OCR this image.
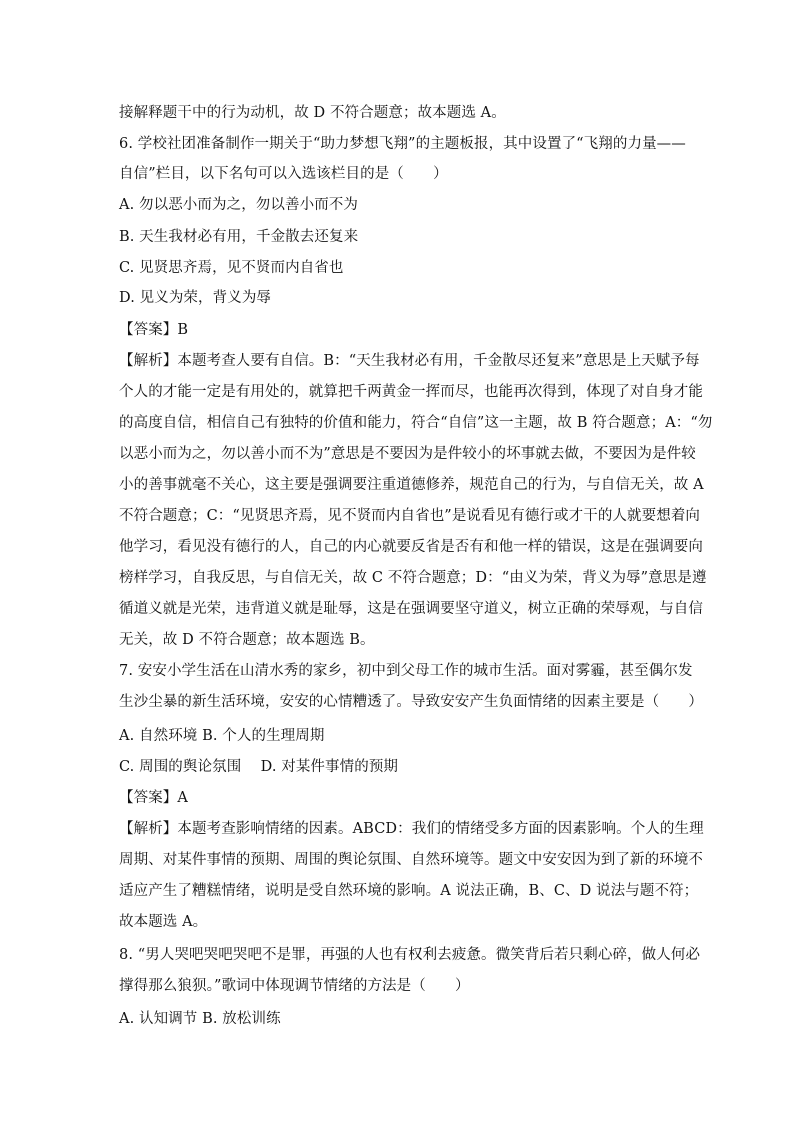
接解释题干中的行为动机，故 D 不符合题意；故本题选 A。
6. 学校社团准备制作一期关于“助力梦想飞翔”的主题板报，其中设置了“飞翔的力量——
自信”栏目，以下名句可以入选该栏目的是（　　）
A. 勿以恶小而为之，勿以善小而不为
B. 天生我材必有用，千金散去还复来
C. 见贤思齐焉，见不贤而内自省也
D. 见义为荣，背义为辱
【答案】B
【解析】本题考查人要有自信。B：“天生我材必有用，千金散尽还复来”意思是上天赋予每
个人的才能一定是有用处的，就算把千两黄金一挥而尽，也能再次得到，体现了对自身才能
的高度自信，相信自己有独特的价值和能力，符合“自信”这一主题，故 B 符合题意；A：“勿
以恶小而为之，勿以善小而不为”意思是不要因为是件较小的坏事就去做，不要因为是件较
小的善事就毫不关心，这主要是强调要注重道德修养，规范自己的行为，与自信无关，故 A
不符合题意；C：“见贤思齐焉，见不贤而内自省也”是说看见有德行或才干的人就要想着向
他学习，看见没有德行的人，自己的内心就要反省是否有和他一样的错误，这是在强调要向
榜样学习，自我反思，与自信无关，故 C 不符合题意；D：“由义为荣，背义为辱”意思是遵
循道义就是光荣，违背道义就是耻辱，这是在强调要坚守道义，树立正确的荣辱观，与自信
无关，故 D 不符合题意；故本题选 B。
7. 安安小学生活在山清水秀的家乡，初中到父母工作的城市生活。面对雾霾，甚至偶尔发
生沙尘暴的新生活环境，安安的心情糟透了。导致安安产生负面情绪的因素主要是（　　）
A. 自然环境 B. 个人的生理周期
C. 周围的舆论氛围　 D. 对某件事情的预期
【答案】A
【解析】本题考查影响情绪的因素。ABCD：我们的情绪受多方面的因素影响。个人的生理
周期、对某件事情的预期、周围的舆论氛围、自然环境等。题文中安安因为到了新的环境不
适应产生了糟糕情绪，说明是受自然环境的影响。A 说法正确，B、C、D 说法与题不符；
故本题选 A。
8. “男人哭吧哭吧哭吧不是罪，再强的人也有权利去疲惫。微笑背后若只剩心碎，做人何必
撑得那么狼狈。”歌词中体现调节情绪的方法是（　　）
A. 认知调节 B. 放松训练
